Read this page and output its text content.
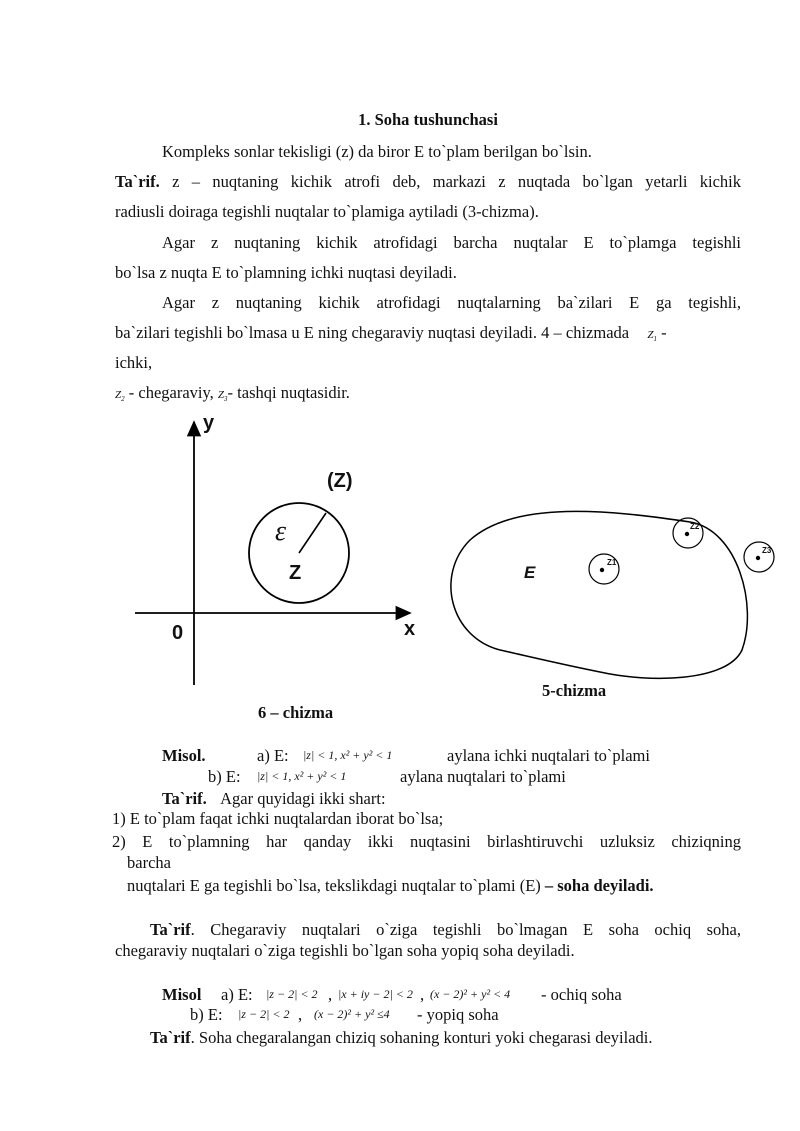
1. Soha tushunchasi
Kompleks sonlar tekisligi (z) da biror E to`plam berilgan bo`lsin.
Ta`rif. z – nuqtaning kichik atrofi deb, markazi z nuqtada bo`lgan yetarli kichik
radiusli doiraga tegishli nuqtalar to`plamiga aytiladi (3-chizma).
Agar z nuqtaning kichik atrofidagi barcha nuqtalar E to`plamga tegishli
bo`lsa z nuqta E to`plamning ichki nuqtasi deyiladi.
Agar z nuqtaning kichik atrofidagi nuqtalarning ba`zilari E ga tegishli,
ba`zilari tegishli bo`lmasa u E ning chegaraviy nuqtasi deyiladi. 4 – chizmada $Z_1$ -
ichki,
$Z_2$ - chegaraviy, $Z_3-$ tashqi nuqtasidir.
y
x
0
(Z)
ε
Z
6 – chizma
E
Z1
Z2
Z3
5-chizma
Misol.	a) E: |z| < 1, x² + y² < 1	aylana ichki nuqtalari to`plami
b) E: |z| < 1, x² + y² < 1	aylana nuqtalari to`plami
Ta`rif. Agar quyidagi ikki shart:
1) E to`plam faqat ichki nuqtalardan iborat bo`lsa;
2) E to`plamning har qanday ikki nuqtasini birlashtiruvchi uzluksiz chiziqning
barcha
nuqtalari E ga tegishli bo`lsa, tekslikdagi nuqtalar to`plami (E) – soha deyiladi.
Ta`rif. Chegaraviy nuqtalari o`ziga tegishli bo`lmagan E soha ochiq soha,
chegaraviy nuqtalari o`ziga tegishli bo`lgan soha yopiq soha deyiladi.
Misol a) E: |z − 2| < 2 , |x + iy − 2| < 2 , (x − 2)² + y² < 4 - ochiq soha
b) E: |z − 2| < 2 , (x − 2)² + y² ≤4 - yopiq soha
Ta`rif. Soha chegaralangan chiziq sohaning konturi yoki chegarasi deyiladi.
